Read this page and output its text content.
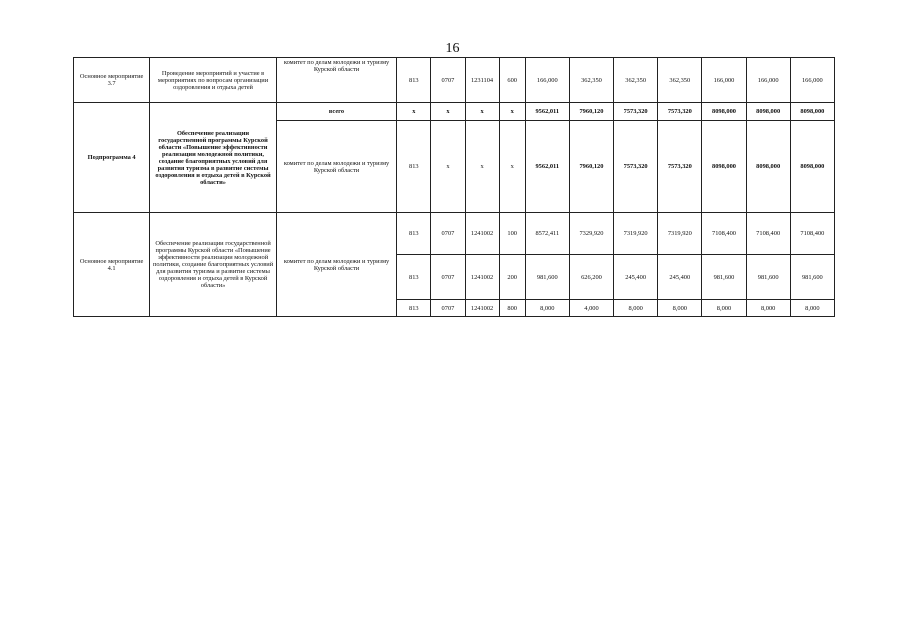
16
Основное мероприятие 3.7	Проведение мероприятий и участие в мероприятиях по вопросам организации оздоровления и отдыха детей	комитет по делам молодежи и туризму Курской области	813	0707	1231104	600	166,000	362,350	362,350	362,350	166,000	166,000	166,000
Подпрограмма 4	Обеспечение реализации государственной программы Курской области «Повышение эффективности реализации молодежной политики, создание благоприятных условий для развития туризма в развитие системы оздоровления и отдыха детей в Курской области»	всего	х	х	х	х	9562,011	7960,120	7573,320	7573,320	8098,000	8098,000	8098,000
		комитет по делам молодежи и туризму Курской области	813	х	х	х	9562,011	7960,120	7573,320	7573,320	8098,000	8098,000	8098,000
Основное мероприятие 4.1	Обеспечение реализации государственной программы Курской области «Повышение эффективности реализации молодежной политики, создание благоприятных условий для развития туризма и развитие системы оздоровления и отдыха детей в Курской области»	комитет по делам молодежи и туризму Курской области	813	0707	1241002	100	8572,411	7329,920	7319,920	7319,920	7108,400	7108,400	7108,400
			813	0707	1241002	200	981,600	626,200	245,400	245,400	981,600	981,600	981,600
			813	0707	1241002	800	8,000	4,000	8,000	8,000	8,000	8,000	8,000
